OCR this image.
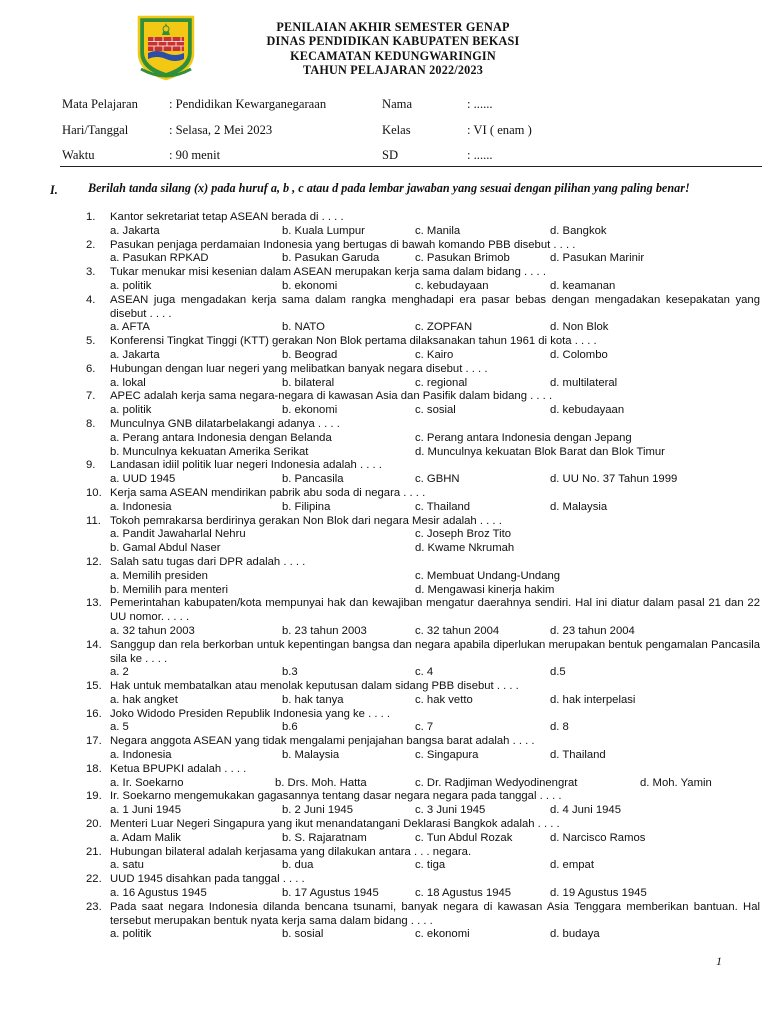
PENILAIAN AKHIR SEMESTER GENAP
DINAS PENDIDIKAN KABUPATEN BEKASI
KECAMATAN KEDUNGWARINGIN
TAHUN PELAJARAN 2022/2023
Mata Pelajaran : Pendidikan Kewarganegaraan	Nama	: ......
Hari/Tanggal	: Selasa, 2 Mei 2023	Kelas	: VI ( enam )
Waktu	: 90 menit	SD	: ......
I. Berilah tanda silang (x) pada huruf a, b , c atau d pada lembar jawaban yang sesuai dengan pilihan yang paling benar!
1.	Kantor sekretariat tetap ASEAN berada di . . . .
a. Jakarta	b. Kuala Lumpur	c. Manila	d. Bangkok
2.	Pasukan penjaga perdamaian Indonesia yang bertugas di bawah komando PBB disebut . . . .
a. Pasukan RPKAD	b. Pasukan Garuda	c. Pasukan Brimob	d. Pasukan Marinir
3.	Tukar menukar misi kesenian dalam ASEAN merupakan kerja sama dalam bidang . . . .
a. politik	b. ekonomi	c. kebudayaan	d. keamanan
4.	ASEAN juga mengadakan kerja sama dalam rangka menghadapi era pasar bebas dengan mengadakan kesepakatan yang disebut . . . .
a. AFTA	b. NATO	c. ZOPFAN	d. Non Blok
5.	Konferensi Tingkat Tinggi (KTT) gerakan Non Blok pertama dilaksanakan tahun 1961 di kota . . . .
a. Jakarta	b. Beograd	c. Kairo	d. Colombo
6.	Hubungan dengan luar negeri yang melibatkan banyak negara disebut . . . .
a. lokal	b. bilateral	c. regional	d. multilateral
7.	APEC adalah kerja sama negara-negara di kawasan Asia dan Pasifik dalam bidang . . . .
a. politik	b. ekonomi	c. sosial	d. kebudayaan
8.	Munculnya GNB dilatarbelakangi adanya . . . .
a. Perang antara Indonesia dengan Belanda	c. Perang antara Indonesia dengan Jepang
b. Munculnya kekuatan Amerika Serikat	d. Munculnya kekuatan Blok Barat dan Blok Timur
9.	Landasan idiil politik luar negeri Indonesia adalah . . . .
a. UUD 1945	b. Pancasila	c. GBHN	d. UU No. 37 Tahun 1999
10. Kerja sama ASEAN mendirikan pabrik abu soda di negara . . . .
a. Indonesia	b. Filipina	c. Thailand	d. Malaysia
11. Tokoh pemrakarsa berdirinya gerakan Non Blok dari negara Mesir adalah . . . .
a. Pandit Jawaharlal Nehru	c. Joseph Broz Tito
b. Gamal Abdul Naser	d. Kwame Nkrumah
12. Salah satu tugas dari DPR adalah . . . .
a. Memilih presiden	c. Membuat Undang-Undang
b. Memilih para menteri	d. Mengawasi kinerja hakim
13. Pemerintahan kabupaten/kota mempunyai hak dan kewajiban mengatur daerahnya sendiri. Hal ini diatur dalam pasal 21 dan 22 UU nomor. . . . .
a. 32 tahun 2003	b. 23 tahun 2003	c. 32 tahun 2004	d. 23 tahun 2004
14. Sanggup dan rela berkorban untuk kepentingan bangsa dan negara apabila diperlukan merupakan bentuk pengamalan Pancasila sila ke . . . .
a. 2	b.3	c. 4	d.5
15. Hak untuk membatalkan atau menolak keputusan dalam sidang PBB disebut . . . .
a. hak angket	b. hak tanya	c. hak vetto	d. hak interpelasi
16. Joko Widodo Presiden Republik Indonesia yang ke . . . .
a. 5	b.6	c. 7	d. 8
17. Negara anggota ASEAN yang tidak mengalami penjajahan bangsa barat adalah . . . .
a. Indonesia	b. Malaysia	c. Singapura	d. Thailand
18. Ketua BPUPKI adalah . . . .
a. Ir. Soekarno	b. Drs. Moh. Hatta	c. Dr. Radjiman Wedyodinengrat	d. Moh. Yamin
19. Ir. Soekarno mengemukakan gagasannya tentang dasar negara negara pada tanggal . . . .
a. 1 Juni 1945	b. 2 Juni 1945	c. 3 Juni 1945	d. 4 Juni 1945
20. Menteri Luar Negeri Singapura yang ikut menandatangani Deklarasi Bangkok adalah . . . .
a. Adam Malik	b. S. Rajaratnam	c. Tun Abdul Rozak	d. Narcisco Ramos
21. Hubungan bilateral adalah kerjasama yang dilakukan antara . . . negara.
a. satu	b. dua	c. tiga	d. empat
22. UUD 1945 disahkan pada tanggal . . . .
a. 16 Agustus 1945	b. 17 Agustus 1945	c. 18 Agustus 1945	d. 19 Agustus 1945
23. Pada saat negara Indonesia dilanda bencana tsunami, banyak negara di kawasan Asia Tenggara memberikan bantuan. Hal tersebut merupakan bentuk nyata kerja sama dalam bidang . . . .
a. politik	b. sosial	c. ekonomi	d. budaya
1
